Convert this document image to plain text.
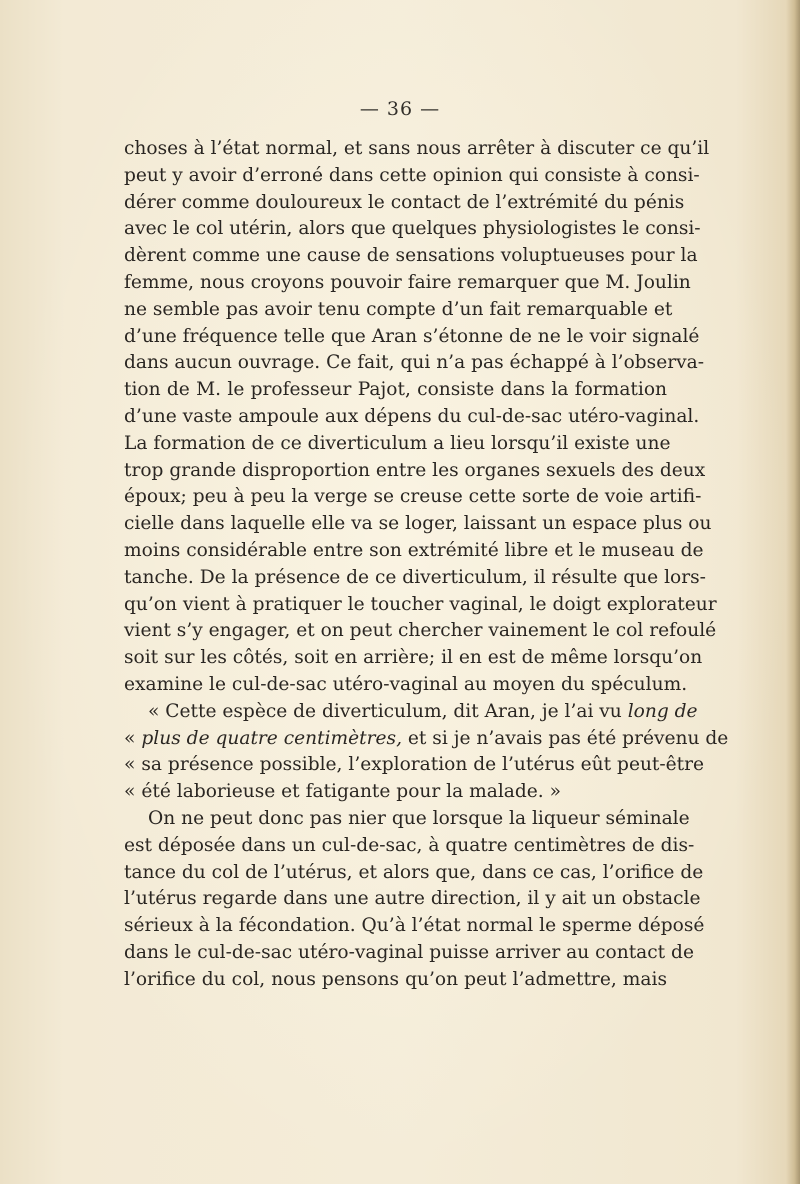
— 36 —
choses à l’état normal, et sans nous arrêter à discuter ce qu’il
peut y avoir d’erroné dans cette opinion qui consiste à consi-
dérer comme douloureux le contact de l’extrémité du pénis
avec le col utérin, alors que quelques physiologistes le consi-
dèrent comme une cause de sensations voluptueuses pour la
femme, nous croyons pouvoir faire remarquer que M. Joulin
ne semble pas avoir tenu compte d’un fait remarquable et
d’une fréquence telle que Aran s’étonne de ne le voir signalé
dans aucun ouvrage. Ce fait, qui n’a pas échappé à l’observa-
tion de M. le professeur Pajot, consiste dans la formation
d’une vaste ampoule aux dépens du cul-de-sac utéro-vaginal.
La formation de ce diverticulum a lieu lorsqu’il existe une
trop grande disproportion entre les organes sexuels des deux
époux; peu à peu la verge se creuse cette sorte de voie artifi-
cielle dans laquelle elle va se loger, laissant un espace plus ou
moins considérable entre son extrémité libre et le museau de
tanche. De la présence de ce diverticulum, il résulte que lors-
qu’on vient à pratiquer le toucher vaginal, le doigt explorateur
vient s’y engager, et on peut chercher vainement le col refoulé
soit sur les côtés, soit en arrière; il en est de même lorsqu’on
examine le cul-de-sac utéro-vaginal au moyen du spéculum.
« Cette espèce de diverticulum, dit Aran, je l’ai vu long de
« plus de quatre centimètres, et si je n’avais pas été prévenu de
« sa présence possible, l’exploration de l’utérus eût peut-être
« été laborieuse et fatigante pour la malade. »
On ne peut donc pas nier que lorsque la liqueur séminale
est déposée dans un cul-de-sac, à quatre centimètres de dis-
tance du col de l’utérus, et alors que, dans ce cas, l’orifice de
l’utérus regarde dans une autre direction, il y ait un obstacle
sérieux à la fécondation. Qu’à l’état normal le sperme déposé
dans le cul-de-sac utéro-vaginal puisse arriver au contact de
l’orifice du col, nous pensons qu’on peut l’admettre, mais
